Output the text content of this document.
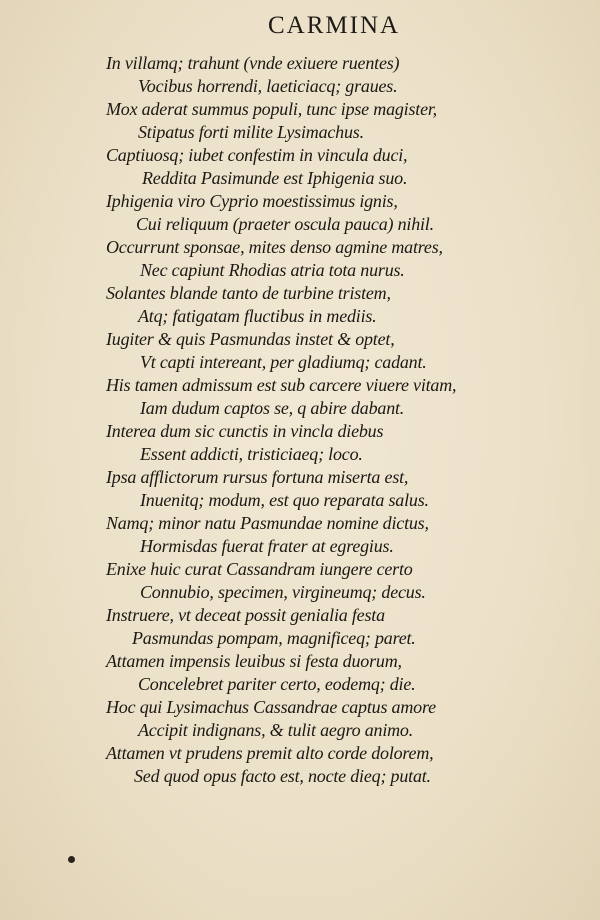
CARMINA
In villamq; trahunt (vnde exiuere ruentes)
Vocibus horrendi, laeticiacq; graues.
Mox aderat summus populi, tunc ipse magister,
Stipatus forti milite Lysimachus.
Captiuosq; iubet confestim in vincula duci,
Reddita Pasimunde est Iphigenia suo.
Iphigenia viro Cyprio moestissimus ignis,
Cui reliquum (praeter oscula pauca) nihil.
Occurrunt sponsae, mites denso agmine matres,
Nec capiunt Rhodias atria tota nurus.
Solantes blande tanto de turbine tristem,
Atq; fatigatam fluctibus in mediis.
Iugiter & quis Pasmundas instet & optet,
Vt capti intereant, per gladiumq; cadant.
His tamen admissum est sub carcere viuere vitam,
Iam dudum captos se, q abire dabant.
Interea dum sic cunctis in vincla diebus
Essent addicti, tristiciaeq; loco.
Ipsa afflictorum rursus fortuna miserta est,
Inuenitq; modum, est quo reparata salus.
Namq; minor natu Pasmundae nomine dictus,
Hormisdas fuerat frater at egregius.
Enixe huic curat Cassandram iungere certo
Connubio, specimen, virgineumq; decus.
Instruere, vt deceat possit genialia festa
Pasmundas pompam, magnificeq; paret.
Attamen impensis leuibus si festa duorum,
Concelebret pariter certo, eodemq; die.
Hoc qui Lysimachus Cassandrae captus amore
Accipit indignans, & tulit aegro animo.
Attamen vt prudens premit alto corde dolorem,
Sed quod opus facto est, nocte dieq; putat.
